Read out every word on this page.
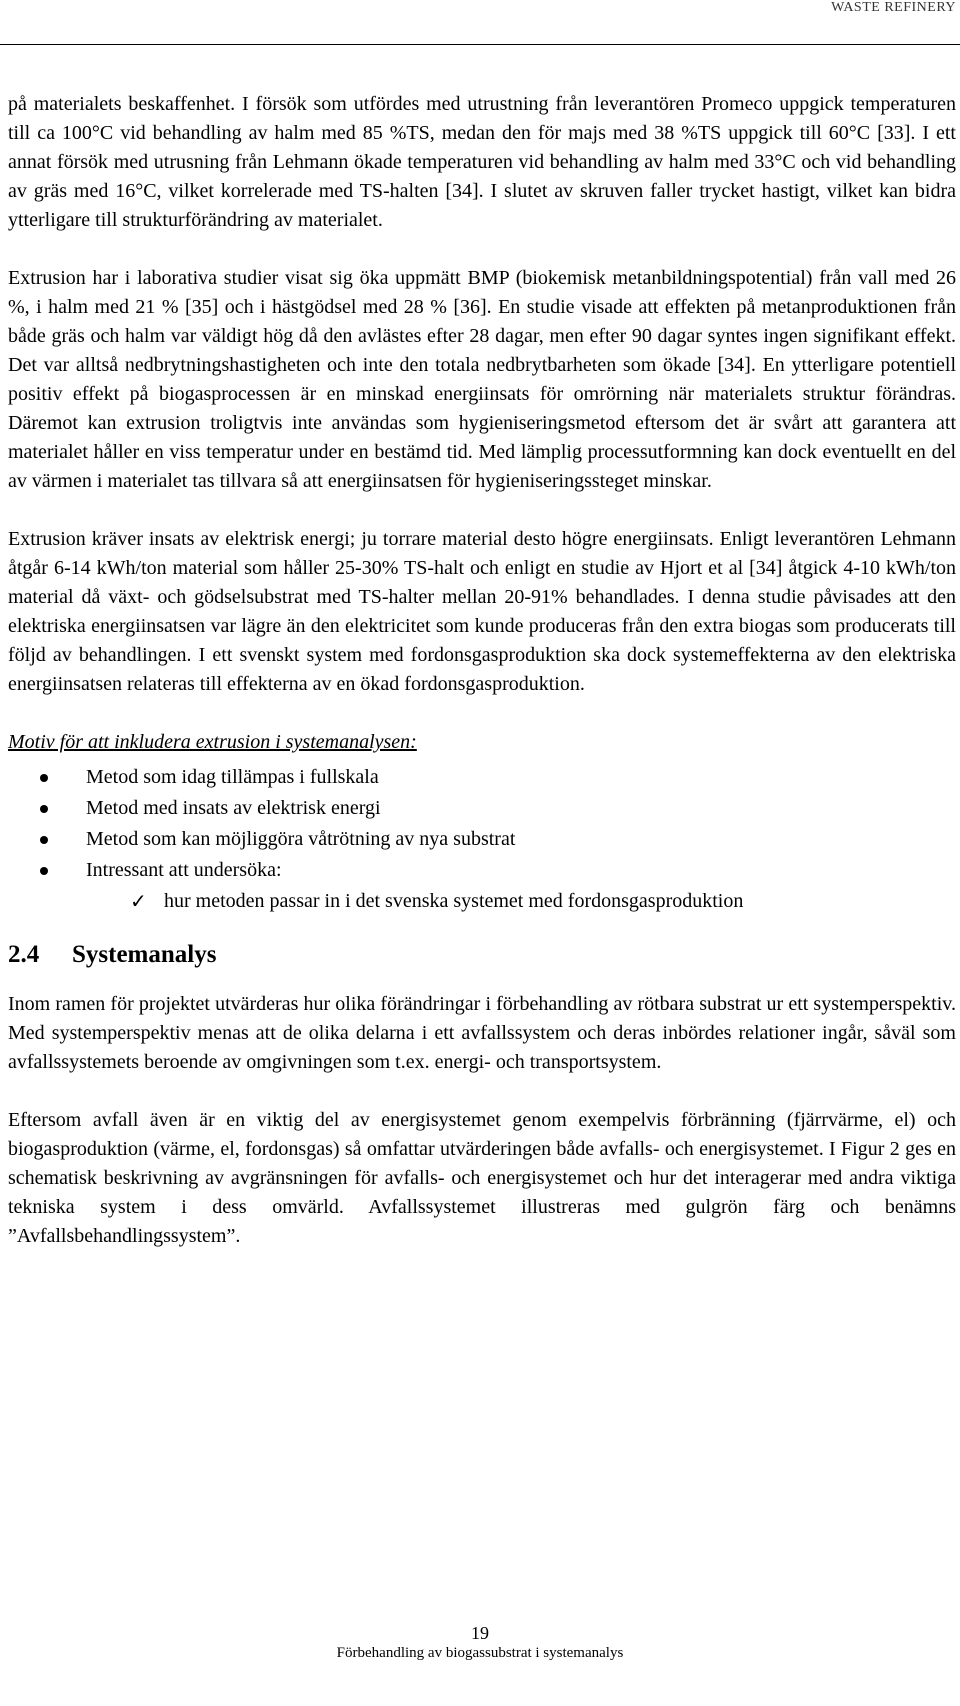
WASTE REFINERY

på materialets beskaffenhet. I försök som utfördes med utrustning från leverantören Promeco uppgick temperaturen till ca 100°C vid behandling av halm med 85 %TS, medan den för majs med 38 %TS uppgick till 60°C [33]. I ett annat försök med utrusning från Lehmann ökade temperaturen vid behandling av halm med 33°C och vid behandling av gräs med 16°C, vilket korrelerade med TS-halten [34]. I slutet av skruven faller trycket hastigt, vilket kan bidra ytterligare till strukturförändring av materialet.

Extrusion har i laborativa studier visat sig öka uppmätt BMP (biokemisk metanbildningspotential) från vall med 26 %, i halm med 21 % [35] och i hästgödsel med 28 % [36]. En studie visade att effekten på metanproduktionen från både gräs och halm var väldigt hög då den avlästes efter 28 dagar, men efter 90 dagar syntes ingen signifikant effekt. Det var alltså nedbrytningshastigheten och inte den totala nedbrytbarheten som ökade [34]. En ytterligare potentiell positiv effekt på biogasprocessen är en minskad energiinsats för omrörning när materialets struktur förändras. Däremot kan extrusion troligtvis inte användas som hygieniseringsmetod eftersom det är svårt att garantera att materialet håller en viss temperatur under en bestämd tid. Med lämplig processutformning kan dock eventuellt en del av värmen i materialet tas tillvara så att energiinsatsen för hygieniseringssteget minskar.

Extrusion kräver insats av elektrisk energi; ju torrare material desto högre energiinsats. Enligt leverantören Lehmann åtgår 6-14 kWh/ton material som håller 25-30% TS-halt och enligt en studie av Hjort et al [34] åtgick 4-10 kWh/ton material då växt- och gödselsubstrat med TS-halter mellan 20-91% behandlades. I denna studie påvisades att den elektriska energiinsatsen var lägre än den elektricitet som kunde produceras från den extra biogas som producerats till följd av behandlingen. I ett svenskt system med fordonsgasproduktion ska dock systemeffekterna av den elektriska energiinsatsen relateras till effekterna av en ökad fordonsgasproduktion.

Motiv för att inkludera extrusion i systemanalysen:

Metod som idag tillämpas i fullskala
Metod med insats av elektrisk energi
Metod som kan möjliggöra våtrötning av nya substrat
Intressant att undersöka:
✓ hur metoden passar in i det svenska systemet med fordonsgasproduktion
2.4 Systemanalys

Inom ramen för projektet utvärderas hur olika förändringar i förbehandling av rötbara substrat ur ett systemperspektiv. Med systemperspektiv menas att de olika delarna i ett avfallssystem och deras inbördes relationer ingår, såväl som avfallssystemets beroende av omgivningen som t.ex. energi- och transportsystem.

Eftersom avfall även är en viktig del av energisystemet genom exempelvis förbränning (fjärrvärme, el) och biogasproduktion (värme, el, fordonsgas) så omfattar utvärderingen både avfalls- och energisystemet. I Figur 2 ges en schematisk beskrivning av avgränsningen för avfalls- och energisystemet och hur det interagerar med andra viktiga tekniska system i dess omvärld. Avfallssystemet illustreras med gulgrön färg och benämns ”Avfallsbehandlingssystem”.

19
Förbehandling av biogassubstrat i systemanalys
